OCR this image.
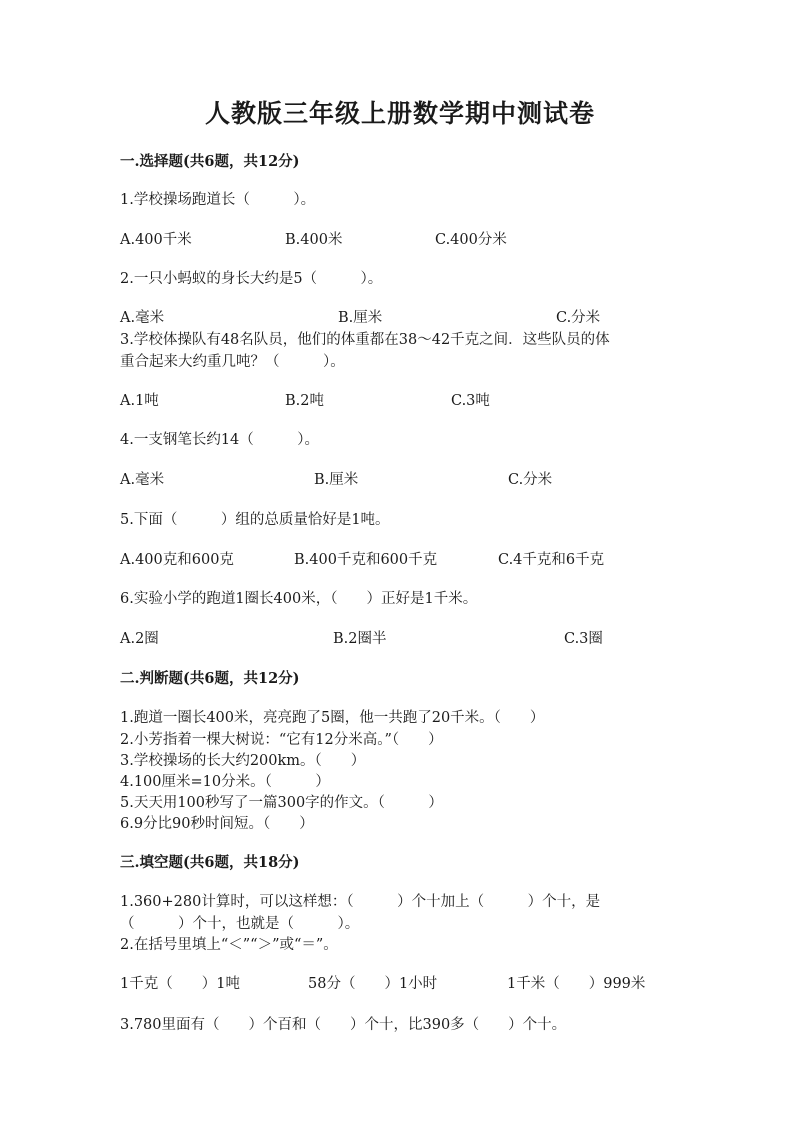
人教版三年级上册数学期中测试卷
一.选择题(共6题，共12分)
1.学校操场跑道长（　　　）。
A.400千米	B.400米	C.400分米
2.一只小蚂蚁的身长大约是5（　　　）。
A.毫米	B.厘米	C.分米
3.学校体操队有48名队员，他们的体重都在38～42千克之间．这些队员的体
重合起来大约重几吨？（　　　）。
A.1吨	B.2吨	C.3吨
4.一支钢笔长约14（　　　）。
A.毫米	B.厘米	C.分米
5.下面（　　　）组的总质量恰好是1吨。
A.400克和600克	B.400千克和600千克	C.4千克和6千克
6.实验小学的跑道1圈长400米，（　　）正好是1千米。
A.2圈	B.2圈半	C.3圈
二.判断题(共6题，共12分)
1.跑道一圈长400米，亮亮跑了5圈，他一共跑了20千米。（　　）
2.小芳指着一棵大树说：“它有12分米高。”（　　）
3.学校操场的长大约200km。（　　）
4.100厘米=10分米。（　　　）
5.天天用100秒写了一篇300字的作文。（　　　）
6.9分比90秒时间短。（　　）
三.填空题(共6题，共18分)
1.360+280计算时，可以这样想：（　　　）个十加上（　　　）个十，是
（　　　）个十，也就是（　　　）。
2.在括号里填上“＜”“＞”或“＝”。
1千克（　　）1吨	58分（　　）1小时	1千米（　　）999米
3.780里面有（　　）个百和（　　）个十，比390多（　　）个十。
